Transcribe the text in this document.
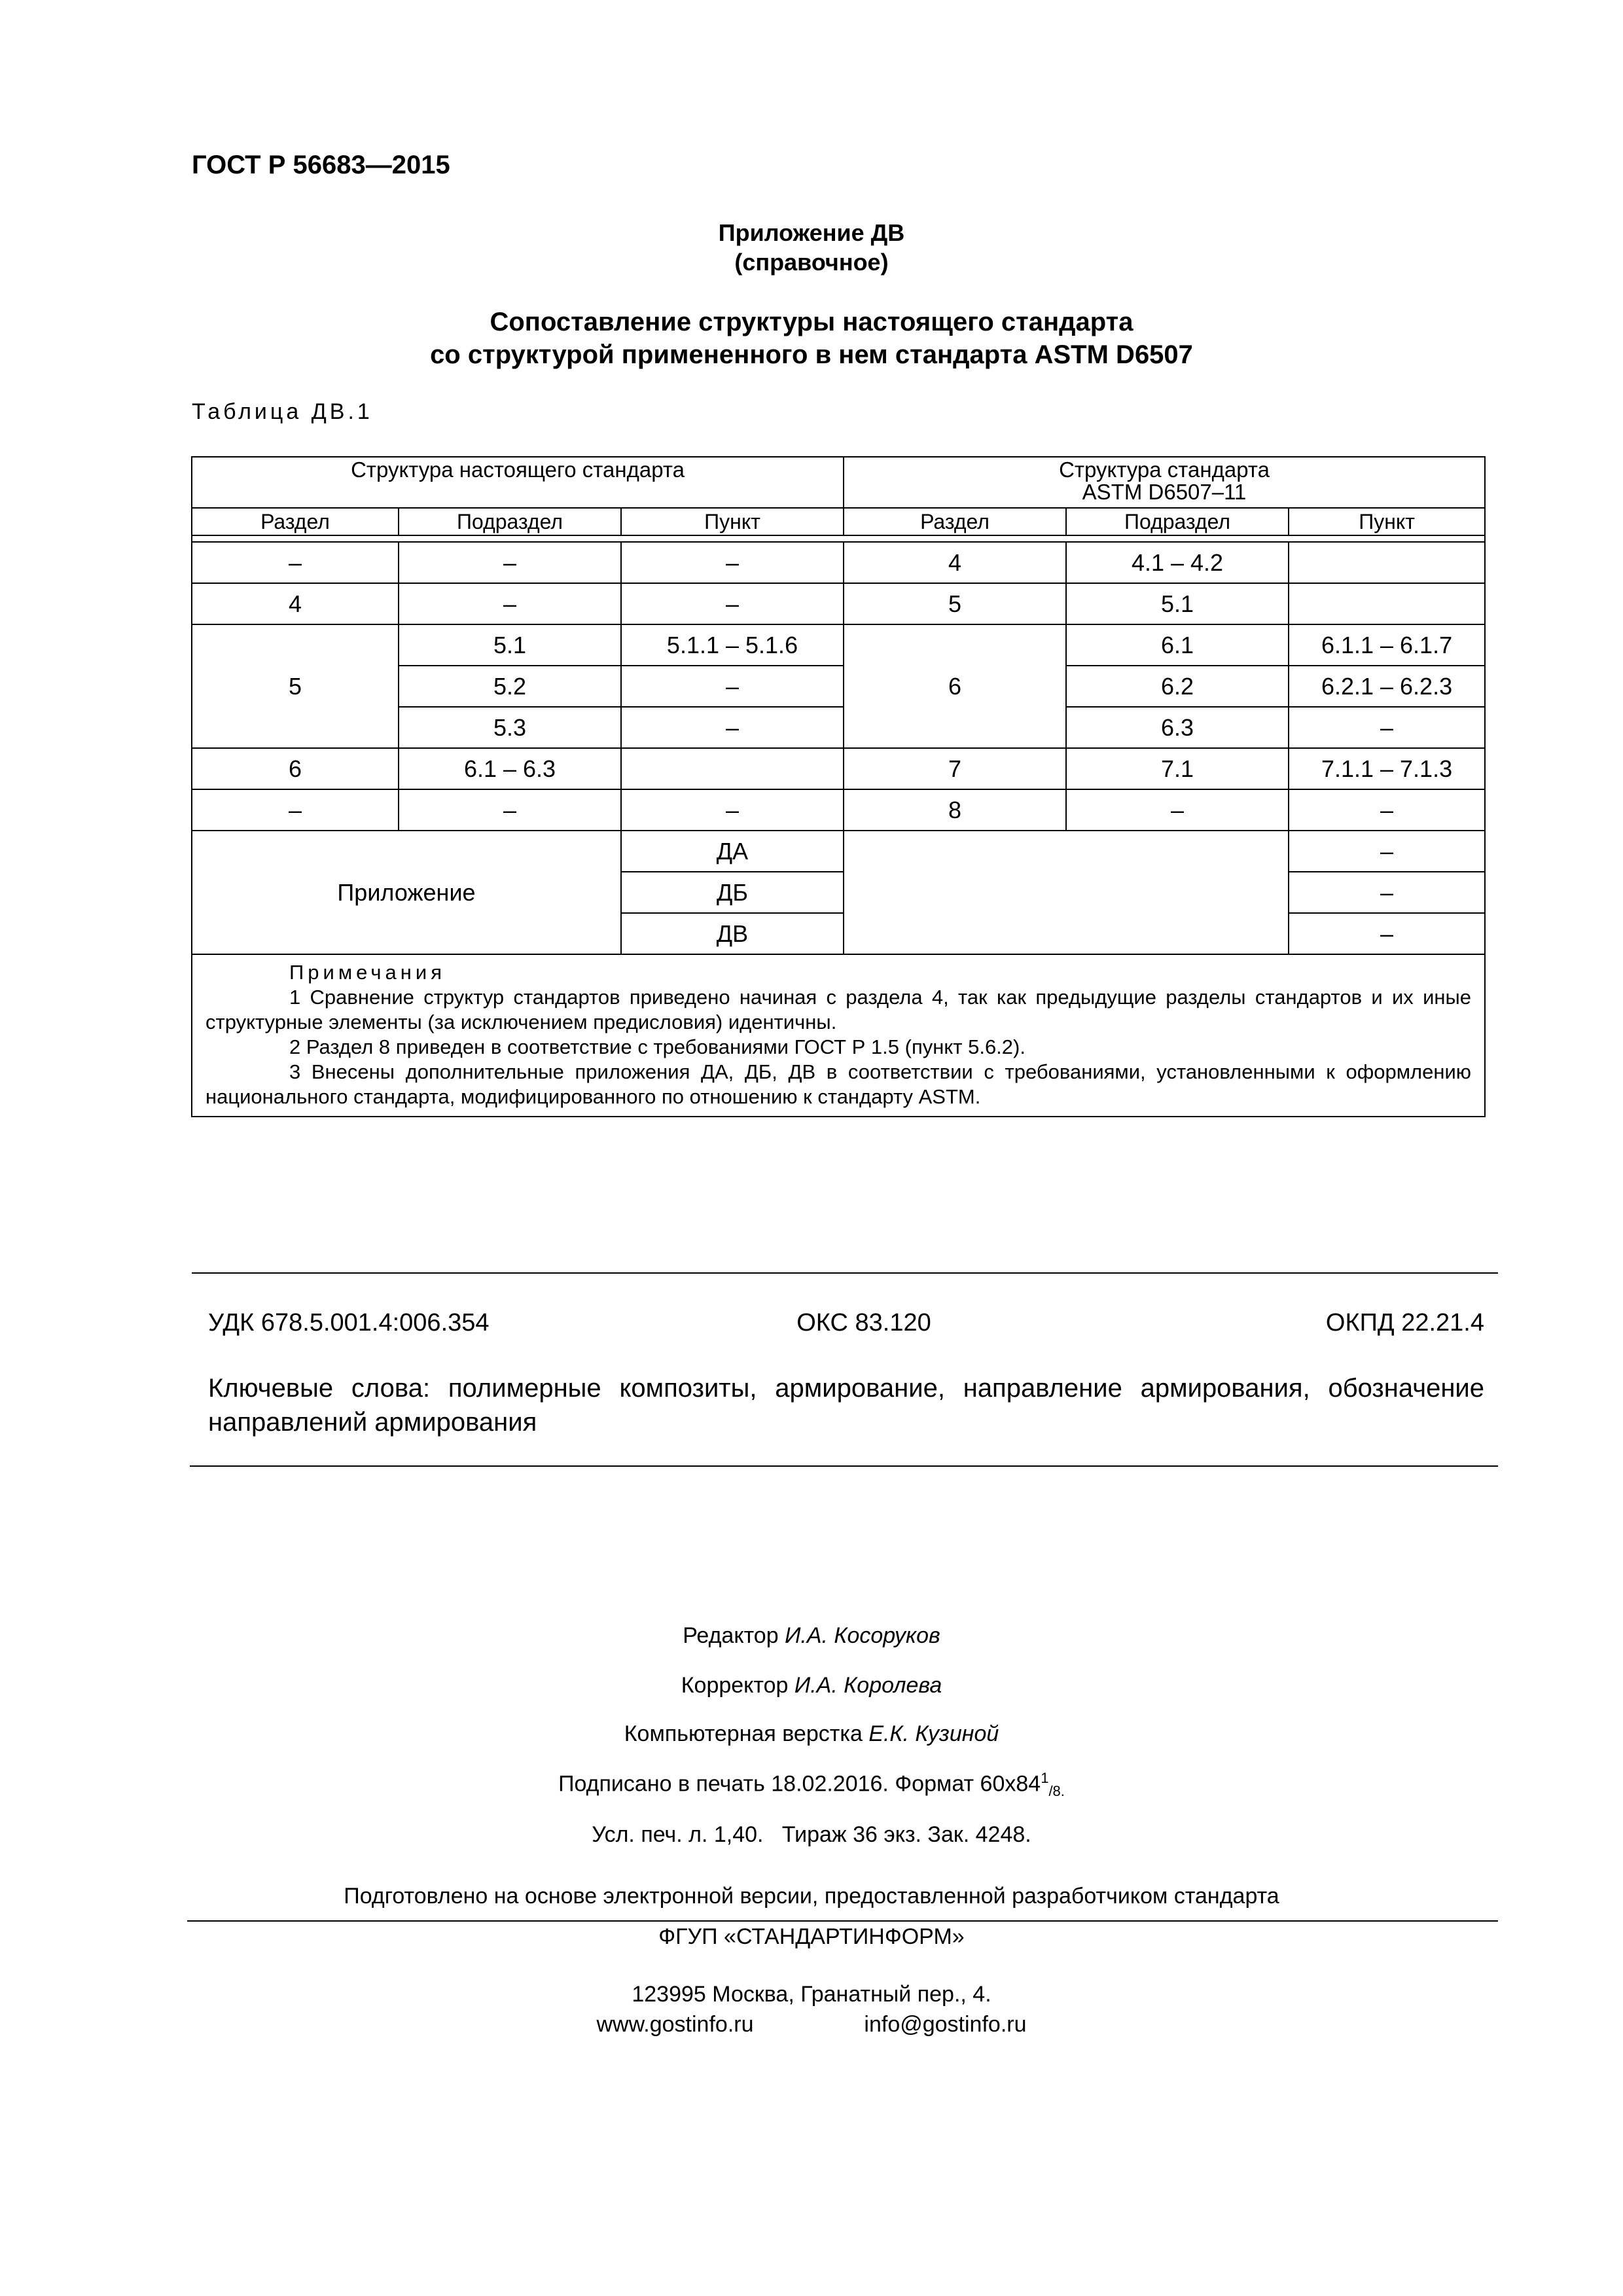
ГОСТ Р 56683—2015
Приложение ДВ
(справочное)
Сопоставление структуры настоящего стандарта
со структурой примененного в нем стандарта ASTM D6507
Таблица ДВ.1
Структура настоящего стандарта			Структура стандарта
ASTM D6507–11		
Раздел	Подраздел	Пункт	Раздел	Подраздел	Пункт

–	–	–	4	4.1 – 4.2	
4	–	–	5	5.1	
5	5.1	5.1.1 – 5.1.6	6	6.1	6.1.1 – 6.1.7
	5.2	–		6.2	6.2.1 – 6.2.3
	5.3	–		6.3	–
6	6.1 – 6.3		7	7.1	7.1.1 – 7.1.3
–	–	–	8	–	–
Приложение		ДА			–
		ДБ			–
		ДВ			–

Примечания
1 Сравнение структур стандартов приведено начиная с раздела 4, так как предыдущие разделы стандартов и их иные структурные элементы (за исключением предисловия) идентичны.
2 Раздел 8 приведен в соответствие с требованиями ГОСТ Р 1.5 (пункт 5.6.2).
3 Внесены дополнительные приложения ДА, ДБ, ДВ в соответствии с требованиями, установленными к оформлению национального стандарта, модифицированного по отношению к стандарту ASTM.					
УДК 678.5.001.4:006.354	ОКС 83.120	ОКПД 22.21.4
Ключевые слова: полимерные композиты, армирование, направление армирования, обозначение направлений армирования
Редактор И.А. Косоруков
Корректор И.А. Королева
Компьютерная верстка Е.К. Кузиной
Подписано в печать 18.02.2016. Формат $60x84^1_{/8.}$
Усл. печ. л. 1,40.   Тираж 36 экз. Зак. 4248.
Подготовлено на основе электронной версии, предоставленной разработчиком стандарта
ФГУП «СТАНДАРТИНФОРМ»
123995 Москва, Гранатный пер., 4.
www.gostinfo.ru	info@gostinfo.ru
